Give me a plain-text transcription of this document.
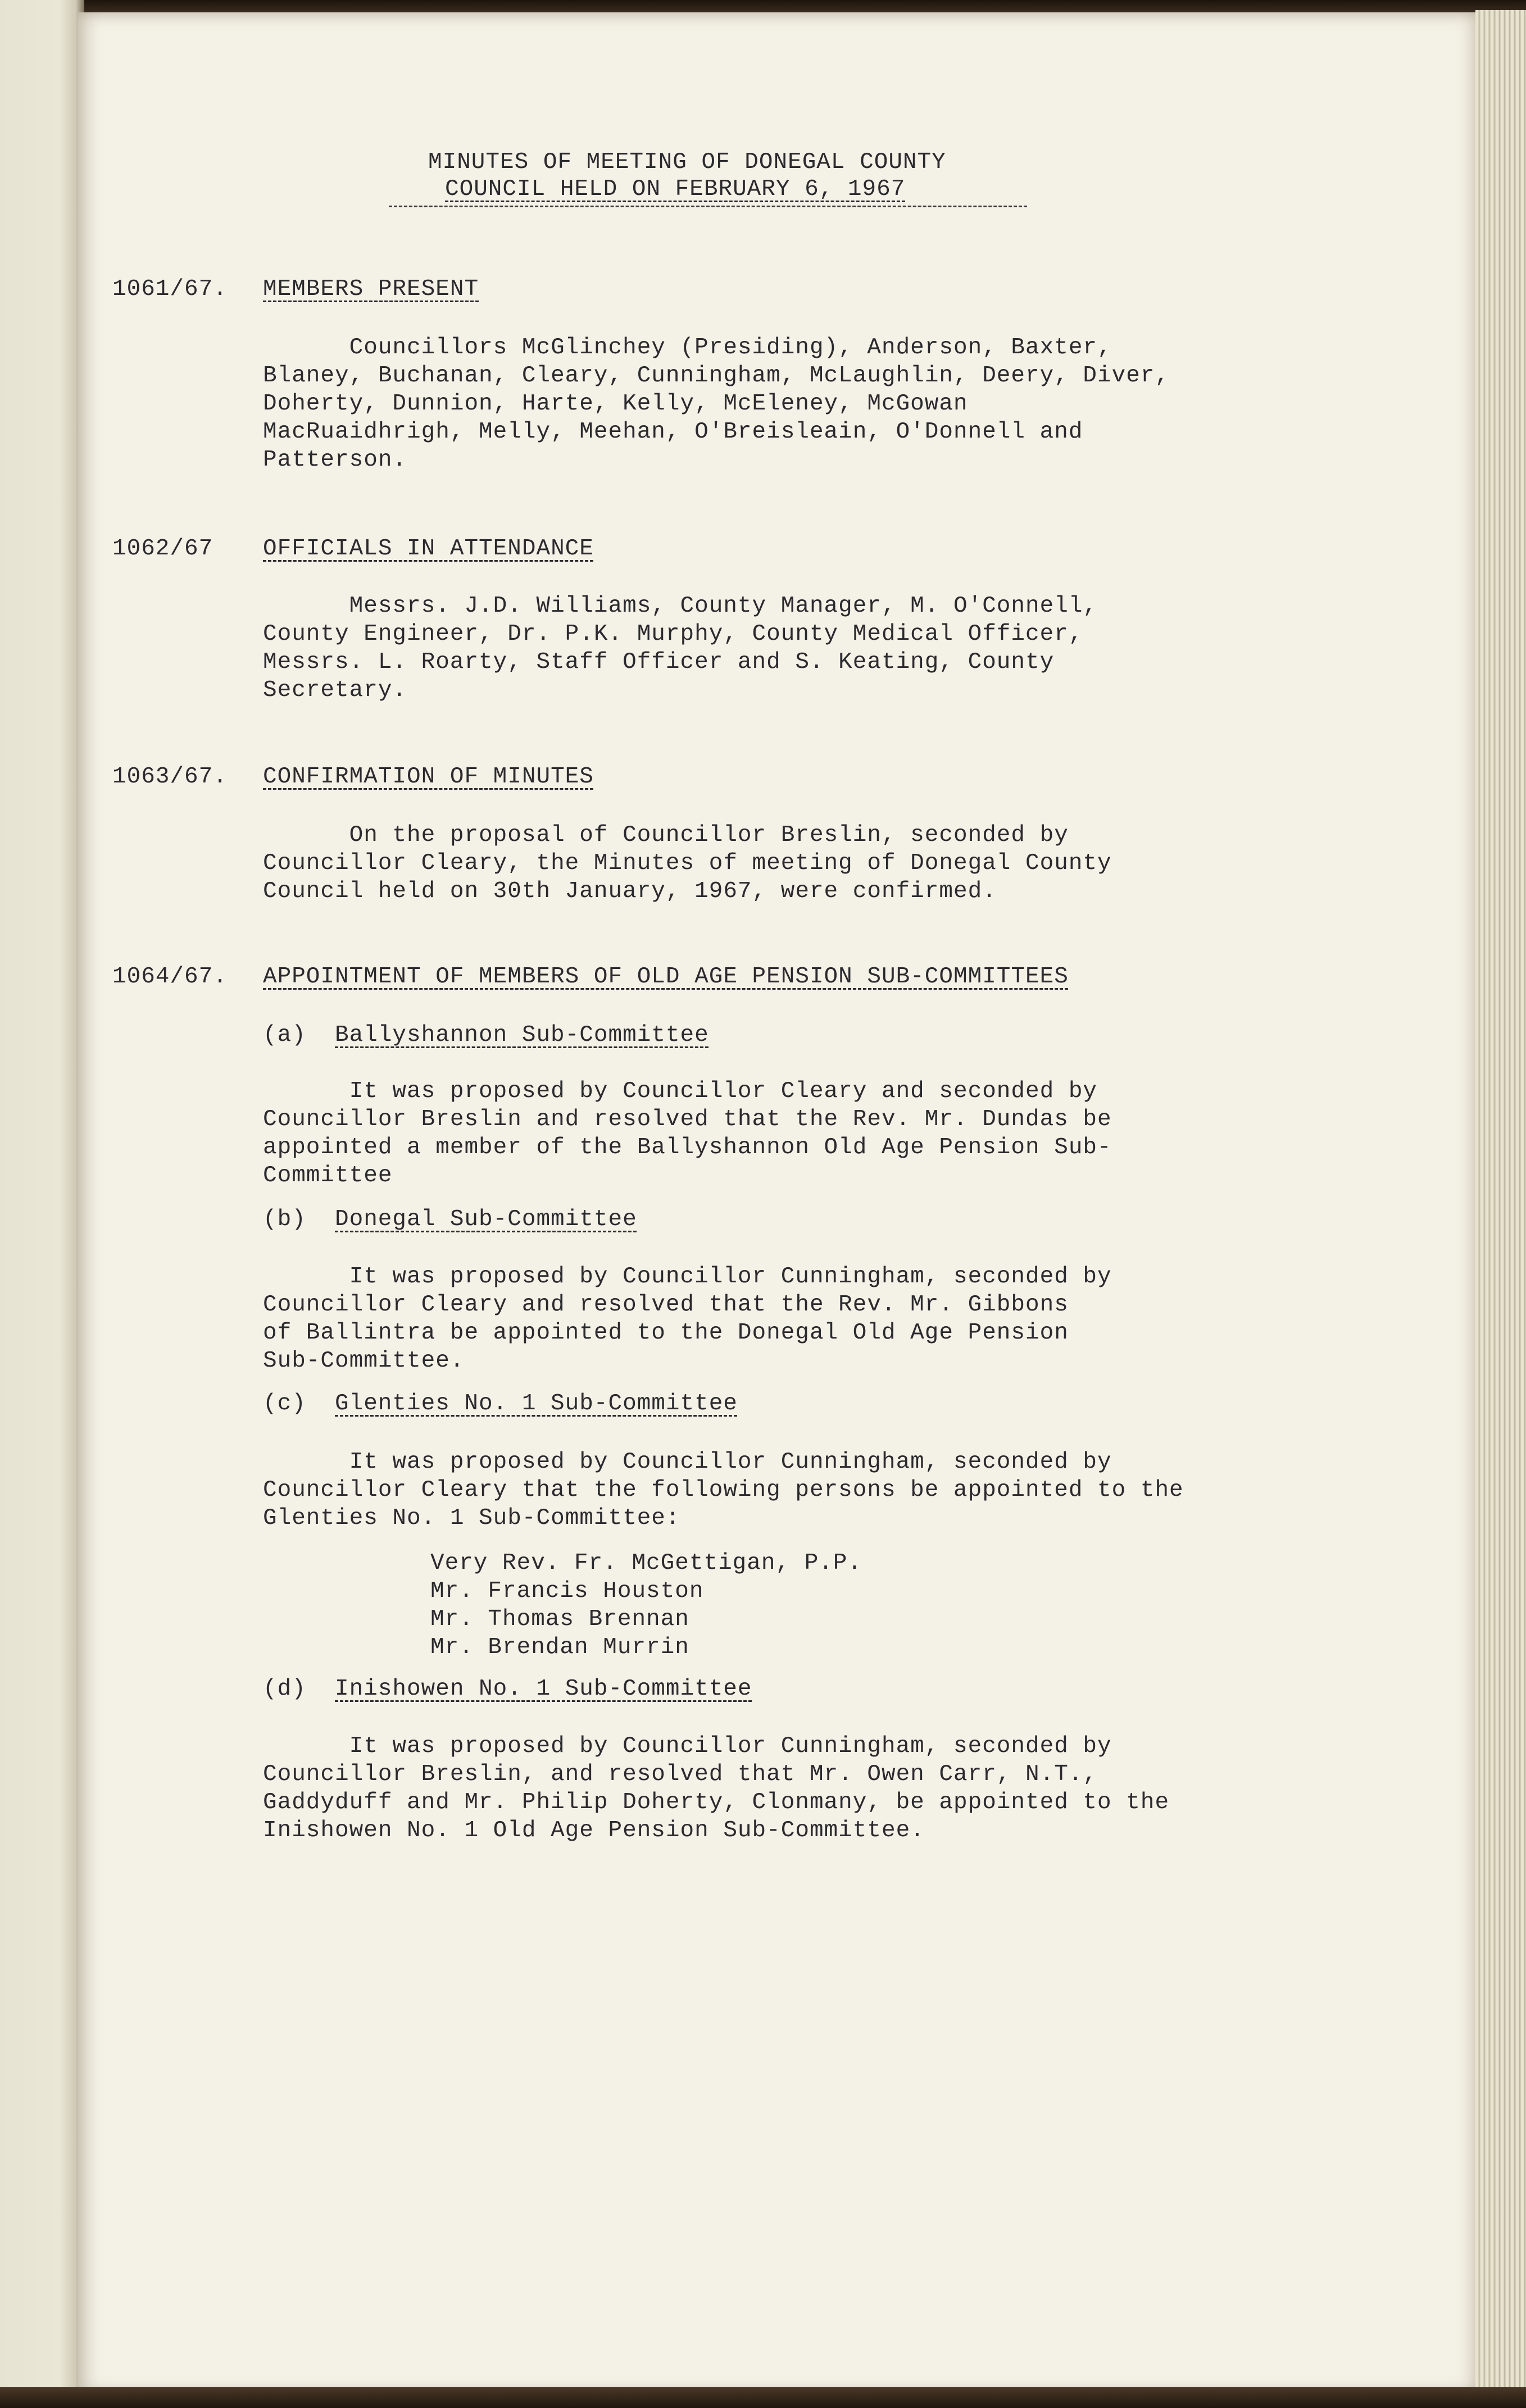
MINUTES OF MEETING OF DONEGAL COUNTY

COUNCIL HELD ON FEBRUARY 6, 1967

1061/67. MEMBERS PRESENT

Councillors McGlinchey (Presiding), Anderson, Baxter,

Blaney, Buchanan, Cleary, Cunningham, McLaughlin, Deery, Diver,

Doherty, Dunnion, Harte, Kelly, McEleney, McGowan

MacRuaidhrigh, Melly, Meehan, O'Breisleain, O'Donnell and

Patterson.

1062/67 OFFICIALS IN ATTENDANCE

Messrs. J.D. Williams, County Manager, M. O'Connell,

County Engineer, Dr. P.K. Murphy, County Medical Officer,

Messrs. L. Roarty, Staff Officer and S. Keating, County

Secretary.

1063/67. CONFIRMATION OF MINUTES

On the proposal of Councillor Breslin, seconded by

Councillor Cleary, the Minutes of meeting of Donegal County

Council held on 30th January, 1967, were confirmed.

1064/67. APPOINTMENT OF MEMBERS OF OLD AGE PENSION SUB-COMMITTEES

(a) Ballyshannon Sub-Committee

It was proposed by Councillor Cleary and seconded by

Councillor Breslin and resolved that the Rev. Mr. Dundas be

appointed a member of the Ballyshannon Old Age Pension Sub-

Committee

(b) Donegal Sub-Committee

It was proposed by Councillor Cunningham, seconded by

Councillor Cleary and resolved that the Rev. Mr. Gibbons

of Ballintra be appointed to the Donegal Old Age Pension

Sub-Committee.

(c) Glenties No. 1 Sub-Committee

It was proposed by Councillor Cunningham, seconded by

Councillor Cleary that the following persons be appointed to the

Glenties No. 1 Sub-Committee:

Very Rev. Fr. McGettigan, P.P.

Mr. Francis Houston

Mr. Thomas Brennan

Mr. Brendan Murrin

(d) Inishowen No. 1 Sub-Committee

It was proposed by Councillor Cunningham, seconded by

Councillor Breslin, and resolved that Mr. Owen Carr, N.T.,

Gaddyduff and Mr. Philip Doherty, Clonmany, be appointed to the

Inishowen No. 1 Old Age Pension Sub-Committee.
